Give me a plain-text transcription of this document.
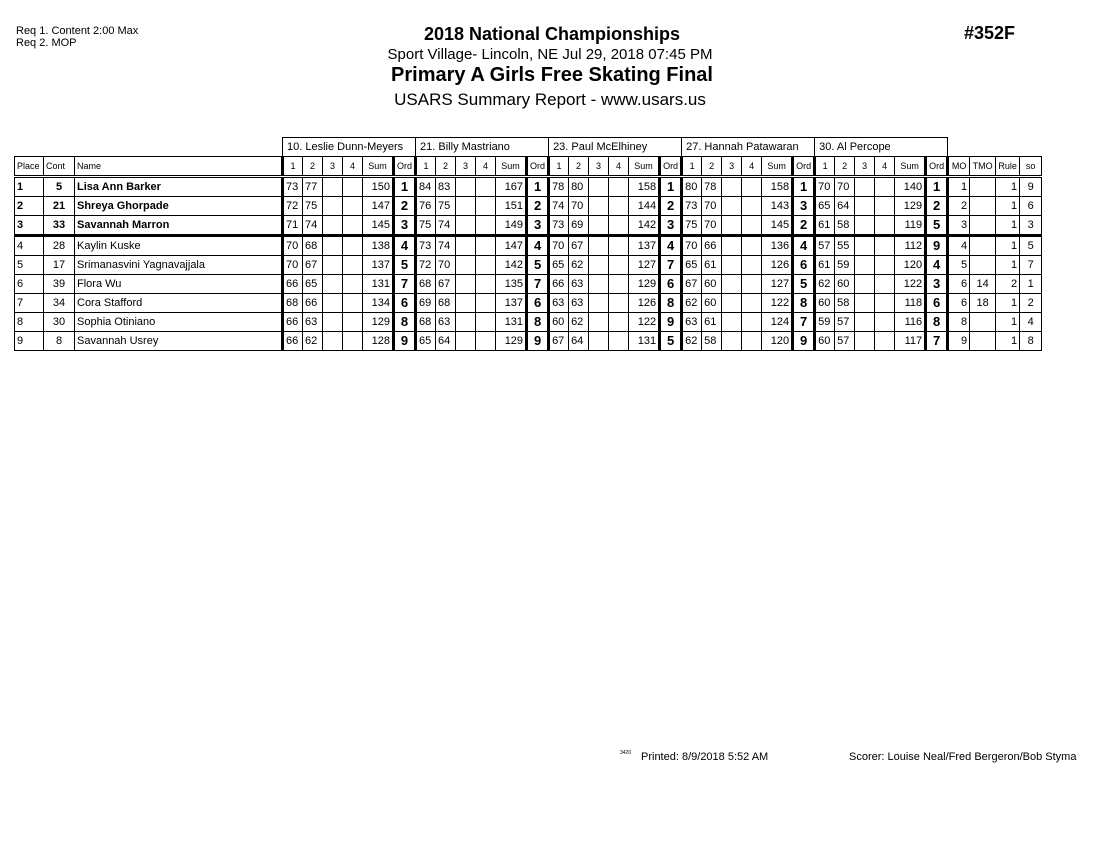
Req 1. Content 2:00 Max
Req 2. MOP	2018 National Championships
Sport Village- Lincoln, NE Jul 29, 2018 07:45 PM
Primary A Girls Free Skating Final
USARS Summary Report - www.usars.us
#352F
			10. Leslie Dunn-Meyers						21. Billy Mastriano						23. Paul McElhiney						27. Hannah Patawaran						30. Al Percope									
Place	Cont	Name	1	2	3	4	Sum	Ord	1	2	3	4	Sum	Ord	1	2	3	4	Sum	Ord	1	2	3	4	Sum	Ord	1	2	3	4	Sum	Ord	MO	TMO	Rule	so
1	5	Lisa Ann Barker	73	77			150	1	84	83			167	1	78	80			158	1	80	78			158	1	70	70			140	1	1		1	9
2	21	Shreya Ghorpade	72	75			147	2	76	75			151	2	74	70			144	2	73	70			143	3	65	64			129	2	2		1	6
3	33	Savannah Marron	71	74			145	3	75	74			149	3	73	69			142	3	75	70			145	2	61	58			119	5	3		1	3
4	28	Kaylin Kuske	70	68			138	4	73	74			147	4	70	67			137	4	70	66			136	4	57	55			112	9	4		1	5
5	17	Srimanasvini Yagnavajjala	70	67			137	5	72	70			142	5	65	62			127	7	65	61			126	6	61	59			120	4	5		1	7
6	39	Flora Wu	66	65			131	7	68	67			135	7	66	63			129	6	67	60			127	5	62	60			122	3	6	14	2	1
7	34	Cora Stafford	68	66			134	6	69	68			137	6	63	63			126	8	62	60			122	8	60	58			118	6	6	18	1	2
8	30	Sophia Otiniano	66	63			129	8	68	63			131	8	60	62			122	9	63	61			124	7	59	57			116	8	8		1	4
9	8	Savannah Usrey	66	62			128	9	65	64			129	9	67	64			131	5	62	58			120	9	60	57			117	7	9		1	8
3420 Printed: 8/9/2018 5:52 AM	Scorer: Louise Neal/Fred Bergeron/Bob Styma
